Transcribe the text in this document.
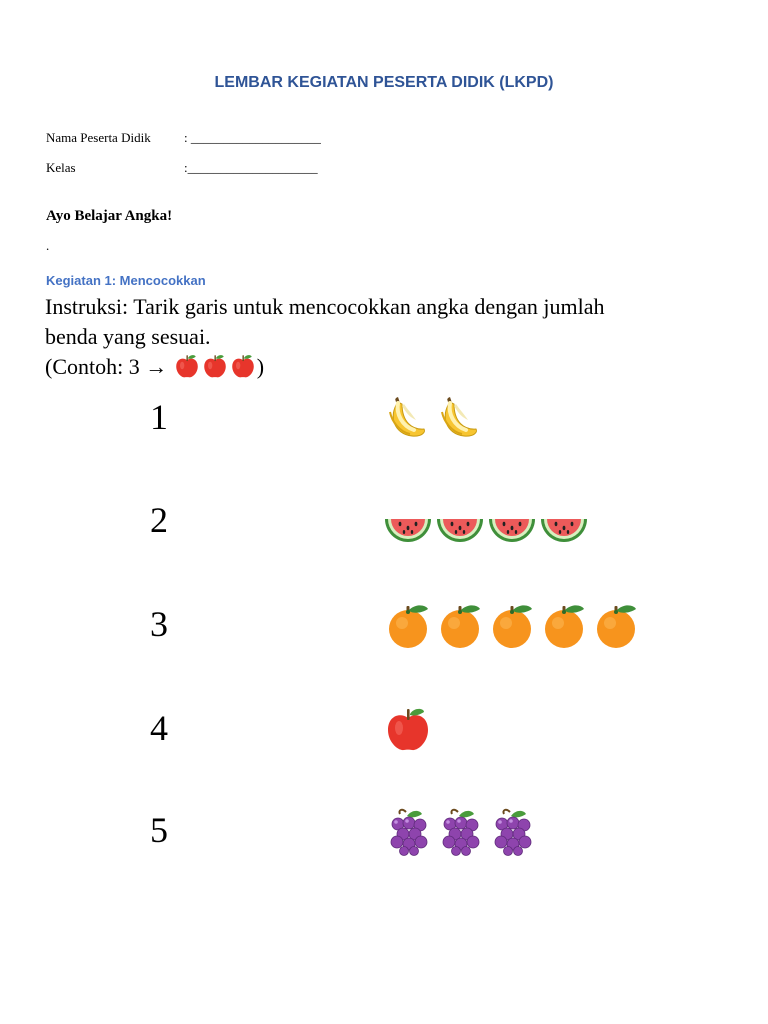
LEMBAR KEGIATAN PESERTA DIDIK (LKPD)
Nama Peserta Didik	: ____________________
Kelas	:____________________
Ayo Belajar Angka!
.
Kegiatan 1: Mencocokkan
Instruksi: Tarik garis untuk mencocokkan angka dengan jumlah
benda yang sesuai.
(Contoh: 3 →	)
1
2
3
4
5
